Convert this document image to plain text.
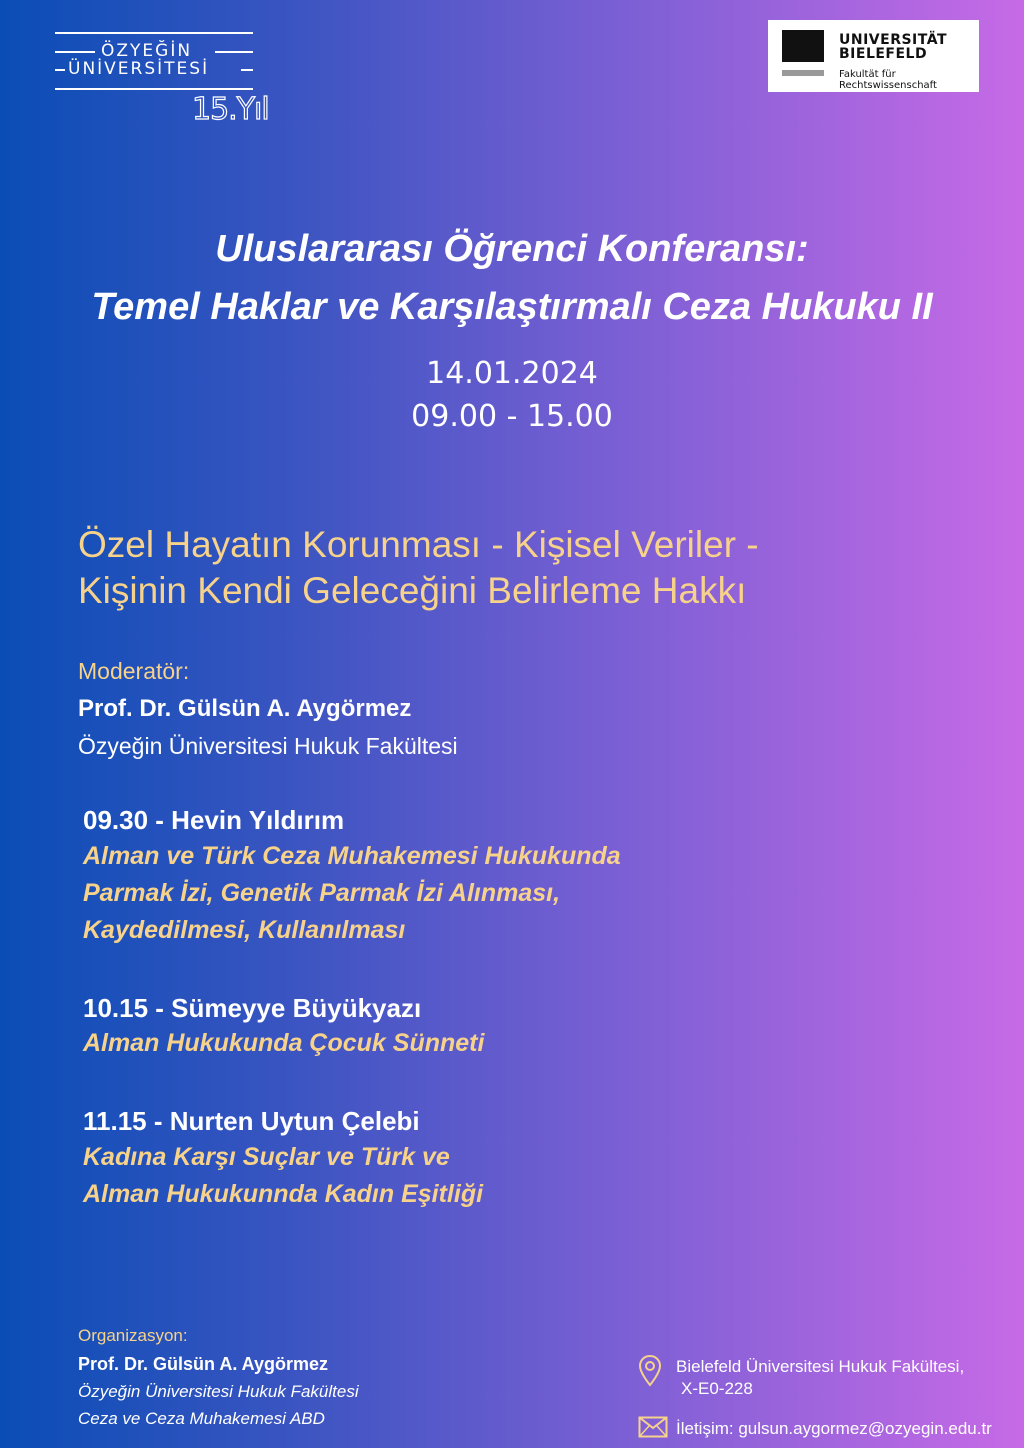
ÖZYEĞİN
ÜNİVERSİTESİ
15.Yıl
UNIVERSITÄT
BIELEFELD
Fakultät für
Rechtswissenschaft
Uluslararası Öğrenci Konferansı:
Temel Haklar ve Karşılaştırmalı Ceza Hukuku II
14.01.2024
09.00 - 15.00
Özel Hayatın Korunması - Kişisel Veriler -
Kişinin Kendi Geleceğini Belirleme Hakkı
Moderatör:
Prof. Dr. Gülsün A. Aygörmez
Özyeğin Üniversitesi Hukuk Fakültesi
09.30 - Hevin Yıldırım
Alman ve Türk Ceza Muhakemesi Hukukunda
Parmak İzi, Genetik Parmak İzi Alınması,
Kaydedilmesi, Kullanılması
10.15 - Sümeyye Büyükyazı
Alman Hukukunda Çocuk Sünneti
11.15 - Nurten Uytun Çelebi
Kadına Karşı Suçlar ve Türk ve
Alman Hukukunnda Kadın Eşitliği
Organizasyon:
Prof. Dr. Gülsün A. Aygörmez
Özyeğin Üniversitesi Hukuk Fakültesi
Ceza ve Ceza Muhakemesi ABD
Bielefeld Üniversitesi Hukuk Fakültesi,
X-E0-228
İletişim: gulsun.aygormez@ozyegin.edu.tr
